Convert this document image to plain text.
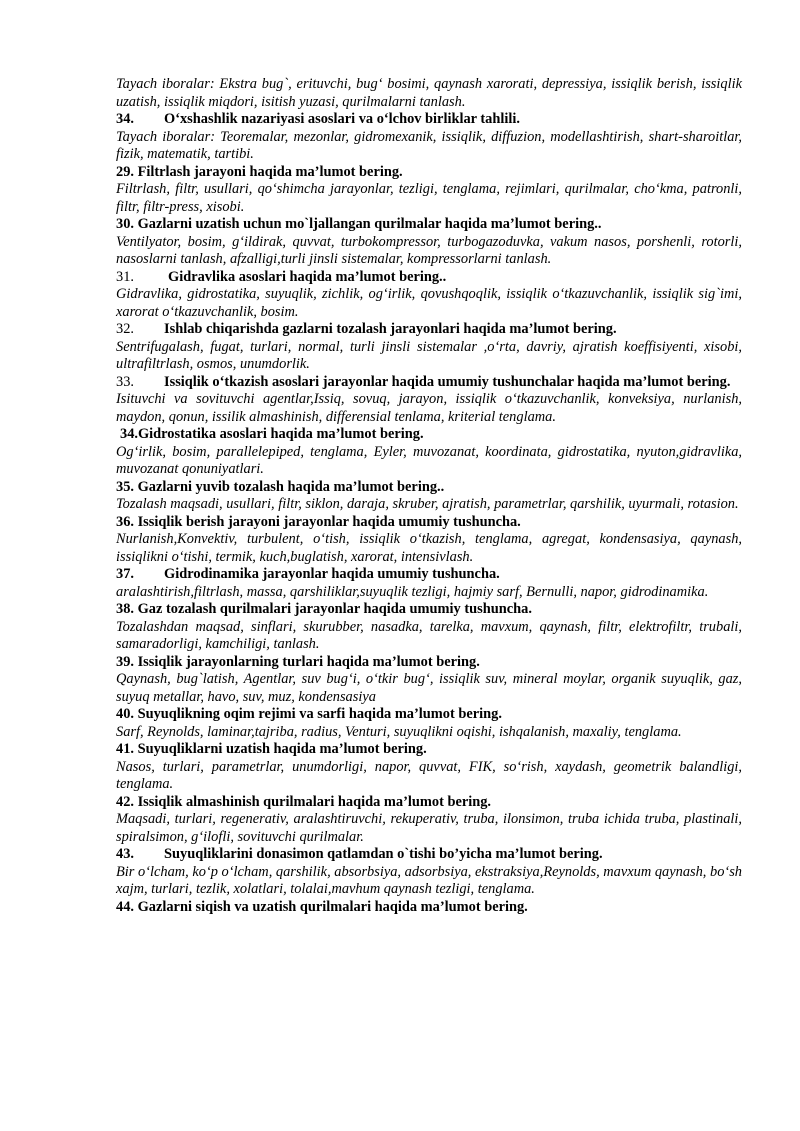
Tayach iboralar: Ekstra bug`, erituvchi, bug‘ bosimi, qaynash xarorati, depressiya, issiqlik berish, issiqlik uzatish, issiqlik miqdori, isitish yuzasi, qurilmalarni tanlash.

34. O‘xshashlik nazariyasi asoslari va o‘lchov birliklar tahlili.

Tayach iboralar: Teoremalar, mezonlar, gidromexanik, issiqlik, diffuzion, modellashtirish, shart-sharoitlar, fizik, matematik, tartibi.

29. Filtrlash jarayoni haqida ma’lumot bering.

Filtrlash, filtr, usullari, qo‘shimcha jarayonlar, tezligi, tenglama, rejimlari, qurilmalar, cho‘kma, patronli, filtr, filtr-press, xisobi.

30. Gazlarni uzatish uchun mo`ljallangan qurilmalar haqida ma’lumot bering..

Ventilyator, bosim, g‘ildirak, quvvat, turbokompressor, turbogazoduvka, vakum nasos, porshenli, rotorli, nasoslarni tanlash, afzalligi,turli jinsli sistemalar, kompressorlarni tanlash.

31. Gidravlika asoslari haqida ma’lumot bering..

Gidravlika, gidrostatika, suyuqlik, zichlik, og‘irlik, qovushqoqlik, issiqlik o‘tkazuvchanlik, issiqlik sig`imi, xarorat o‘tkazuvchanlik, bosim.

32. Ishlab chiqarishda gazlarni tozalash jarayonlari haqida ma’lumot bering.

Sentrifugalash, fugat, turlari, normal, turli jinsli sistemalar ,o‘rta, davriy, ajratish koeffisiyenti, xisobi, ultrafiltrlash, osmos, unumdorlik.

33. Issiqlik o‘tkazish asoslari jarayonlar haqida umumiy tushunchalar haqida ma’lumot bering.

Isituvchi va sovituvchi agentlar,Issiq, sovuq, jarayon, issiqlik o‘tkazuvchanlik, konveksiya, nurlanish, maydon, qonun, issilik almashinish, differensial tenlama, kriterial tenglama.

34.Gidrostatika asoslari haqida ma’lumot bering.

Og‘irlik, bosim, parallelepiped, tenglama, Eyler, muvozanat, koordinata, gidrostatika, nyuton,gidravlika, muvozanat qonuniyatlari.

35. Gazlarni yuvib tozalash haqida ma’lumot bering..

Tozalash maqsadi, usullari, filtr, siklon, daraja, skruber, ajratish, parametrlar, qarshilik, uyurmali, rotasion.

36. Issiqlik berish jarayoni jarayonlar haqida umumiy tushuncha.

Nurlanish,Konvektiv, turbulent, o‘tish, issiqlik o‘tkazish, tenglama, agregat, kondensasiya, qaynash, issiqlikni o‘tishi, termik, kuch,buglatish, xarorat, intensivlash.

37. Gidrodinamika jarayonlar haqida umumiy tushuncha.

aralashtirish,filtrlash, massa, qarshiliklar,suyuqlik tezligi, hajmiy sarf, Bernulli, napor, gidrodinamika.

38. Gaz tozalash qurilmalari jarayonlar haqida umumiy tushuncha.

Tozalashdan maqsad, sinflari, skurubber, nasadka, tarelka, mavxum, qaynash, filtr, elektrofiltr, trubali, samaradorligi, kamchiligi, tanlash.

39. Issiqlik jarayonlarning turlari haqida ma’lumot bering.

Qaynash, bug`latish, Agentlar, suv bug‘i, o‘tkir bug‘, issiqlik suv, mineral moylar, organik suyuqlik, gaz, suyuq metallar, havo, suv, muz, kondensasiya

40. Suyuqlikning oqim rejimi va sarfi haqida ma’lumot bering.

Sarf, Reynolds, laminar,tajriba, radius, Venturi, suyuqlikni oqishi, ishqalanish, maxaliy, tenglama.

41. Suyuqliklarni uzatish haqida ma’lumot bering.

Nasos, turlari, parametrlar, unumdorligi, napor, quvvat, FIK, so‘rish, xaydash, geometrik balandligi, tenglama.

42. Issiqlik almashinish qurilmalari haqida ma’lumot bering.

Maqsadi, turlari, regenerativ, aralashtiruvchi, rekuperativ, truba, ilonsimon, truba ichida truba, plastinali, spiralsimon, g‘ilofli, sovituvchi qurilmalar.

43. Suyuqliklarini donasimon qatlamdan o`tishi bo’yicha ma’lumot bering.

Bir o‘lcham, ko‘p o‘lcham, qarshilik, absorbsiya, adsorbsiya, ekstraksiya,Reynolds, mavxum qaynash, bo‘sh xajm, turlari, tezlik, xolatlari, tolalai,mavhum qaynash tezligi, tenglama.

44. Gazlarni siqish va uzatish qurilmalari haqida ma’lumot bering.
